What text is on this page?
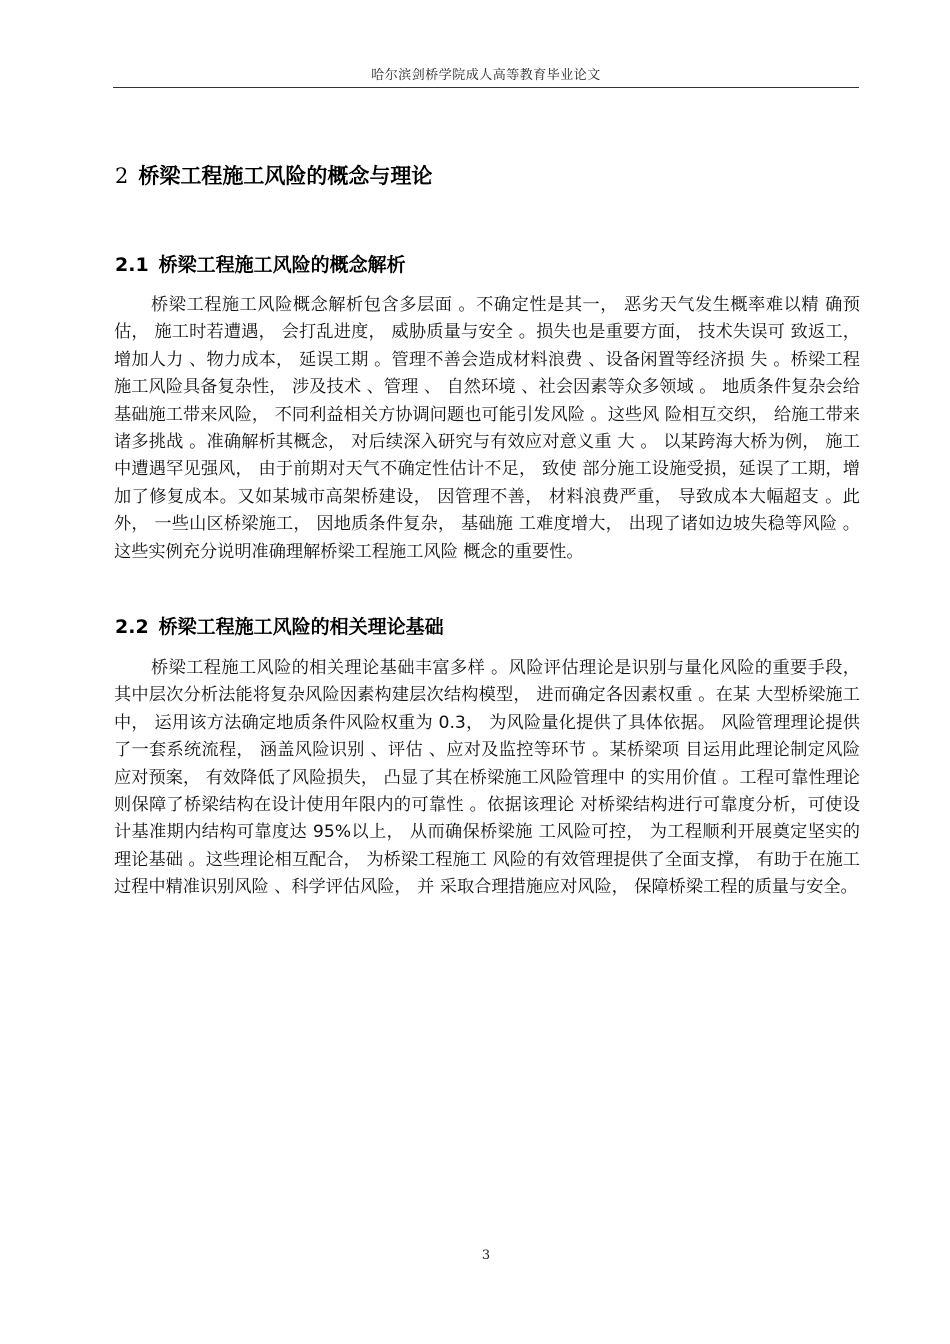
哈尔滨剑桥学院成人高等教育毕业论文
2 桥梁工程施工风险的概念与理论
2.1 桥梁工程施工风险的概念解析

桥梁工程施工风险概念解析包含多层面 。不确定性是其一， 恶劣天气发生概率难以精 确预估， 施工时若遭遇， 会打乱进度， 威胁质量与安全 。损失也是重要方面， 技术失误可 致返工， 增加人力 、物力成本， 延误工期 。管理不善会造成材料浪费 、设备闲置等经济损 失 。桥梁工程施工风险具备复杂性， 涉及技术 、管理 、 自然环境 、社会因素等众多领域 。 地质条件复杂会给基础施工带来风险， 不同利益相关方协调问题也可能引发风险 。这些风 险相互交织， 给施工带来诸多挑战 。准确解析其概念， 对后续深入研究与有效应对意义重 大 。 以某跨海大桥为例， 施工中遭遇罕见强风， 由于前期对天气不确定性估计不足， 致使 部分施工设施受损，延误了工期，增加了修复成本。又如某城市高架桥建设， 因管理不善， 材料浪费严重， 导致成本大幅超支 。此外， 一些山区桥梁施工， 因地质条件复杂， 基础施 工难度增大， 出现了诸如边坡失稳等风险 。这些实例充分说明准确理解桥梁工程施工风险 概念的重要性。

2.2 桥梁工程施工风险的相关理论基础

桥梁工程施工风险的相关理论基础丰富多样 。风险评估理论是识别与量化风险的重要手段， 其中层次分析法能将复杂风险因素构建层次结构模型， 进而确定各因素权重 。在某 大型桥梁施工中， 运用该方法确定地质条件风险权重为 0.3， 为风险量化提供了具体依据。 风险管理理论提供了一套系统流程， 涵盖风险识别 、评估 、应对及监控等环节 。某桥梁项 目运用此理论制定风险应对预案， 有效降低了风险损失， 凸显了其在桥梁施工风险管理中 的实用价值 。工程可靠性理论则保障了桥梁结构在设计使用年限内的可靠性 。依据该理论 对桥梁结构进行可靠度分析，可使设计基准期内结构可靠度达 95%以上， 从而确保桥梁施 工风险可控， 为工程顺利开展奠定坚实的理论基础 。这些理论相互配合， 为桥梁工程施工 风险的有效管理提供了全面支撑， 有助于在施工过程中精准识别风险 、科学评估风险， 并 采取合理措施应对风险， 保障桥梁工程的质量与安全。

3
